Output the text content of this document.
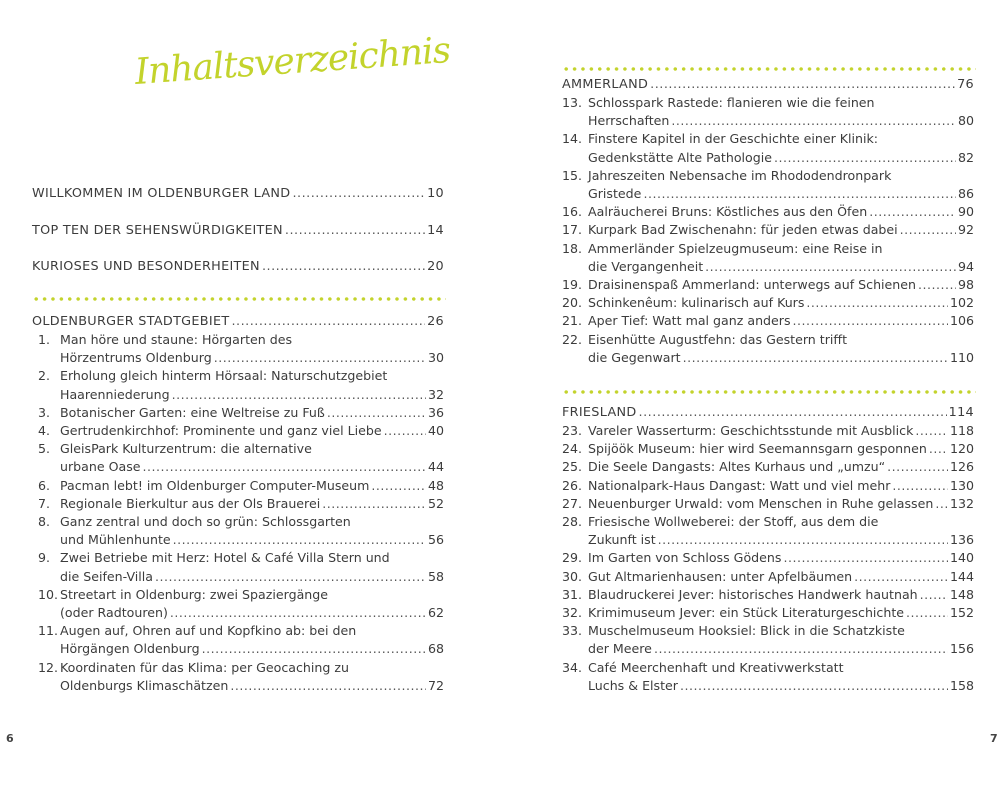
Inhaltsverzeichnis
WILLKOMMEN IM OLDENBURGER LAND .....	10
TOP TEN DER SEHENSWÜRDIGKEITEN .....	14
KURIOSES UND BESONDERHEITEN .....	20
OLDENBURGER STADTGEBIET .....	26
1. Man höre und staune: Hörgarten des
Hörzentrums Oldenburg .....	30
2. Erholung gleich hinterm Hörsaal: Naturschutzgebiet
Haarenniederung .....	32
3. Botanischer Garten: eine Weltreise zu Fuß .....	36
4. Gertrudenkirchhof: Prominente und ganz viel Liebe .....	40
5. GleisPark Kulturzentrum: die alternative
urbane Oase .....	44
6. Pacman lebt! im Oldenburger Computer-Museum .....	48
7. Regionale Bierkultur aus der Ols Brauerei .....	52
8. Ganz zentral und doch so grün: Schlossgarten
und Mühlenhunte .....	56
9. Zwei Betriebe mit Herz: Hotel & Café Villa Stern und
die Seifen-Villa .....	58
10. Streetart in Oldenburg: zwei Spaziergänge
(oder Radtouren) .....	62
11. Augen auf, Ohren auf und Kopfkino ab: bei den
Hörgängen Oldenburg .....	68
12. Koordinaten für das Klima: per Geocaching zu
Oldenburgs Klimaschätzen .....	72
6
AMMERLAND .....	76
13. Schlosspark Rastede: flanieren wie die feinen
Herrschaften .....	80
14. Finstere Kapitel in der Geschichte einer Klinik:
Gedenkstätte Alte Pathologie .....	82
15. Jahreszeiten Nebensache im Rhododendronpark
Gristede .....	86
16. Aalräucherei Bruns: Köstliches aus den Öfen .....	90
17. Kurpark Bad Zwischenahn: für jeden etwas dabei .....	92
18. Ammerländer Spielzeugmuseum: eine Reise in
die Vergangenheit .....	94
19. Draisinenspaß Ammerland: unterwegs auf Schienen .....	98
20. Schinkenêum: kulinarisch auf Kurs .....	102
21. Aper Tief: Watt mal ganz anders .....	106
22. Eisenhütte Augustfehn: das Gestern trifft
die Gegenwart .....	110
FRIESLAND .....	114
23. Vareler Wasserturm: Geschichtsstunde mit Ausblick .....	118
24. Spijöök Museum: hier wird Seemannsgarn gesponnen ..... 120
25. Die Seele Dangasts: Altes Kurhaus und „umzu“ .....	126
26. Nationalpark-Haus Dangast: Watt und viel mehr .....	130
27. Neuenburger Urwald: vom Menschen in Ruhe gelassen ..... 132
28. Friesische Wollweberei: der Stoff, aus dem die
Zukunft ist .....	136
29. Im Garten von Schloss Gödens .....	140
30. Gut Altmarienhausen: unter Apfelbäumen .....	144
31. Blaudruckerei Jever: historisches Handwerk hautnah .....	148
32. Krimimuseum Jever: ein Stück Literaturgeschichte .....	152
33. Muschelmuseum Hooksiel: Blick in die Schatzkiste
der Meere .....	156
34. Café Meerchenhaft und Kreativwerkstatt
Luchs & Elster .....	158
7
